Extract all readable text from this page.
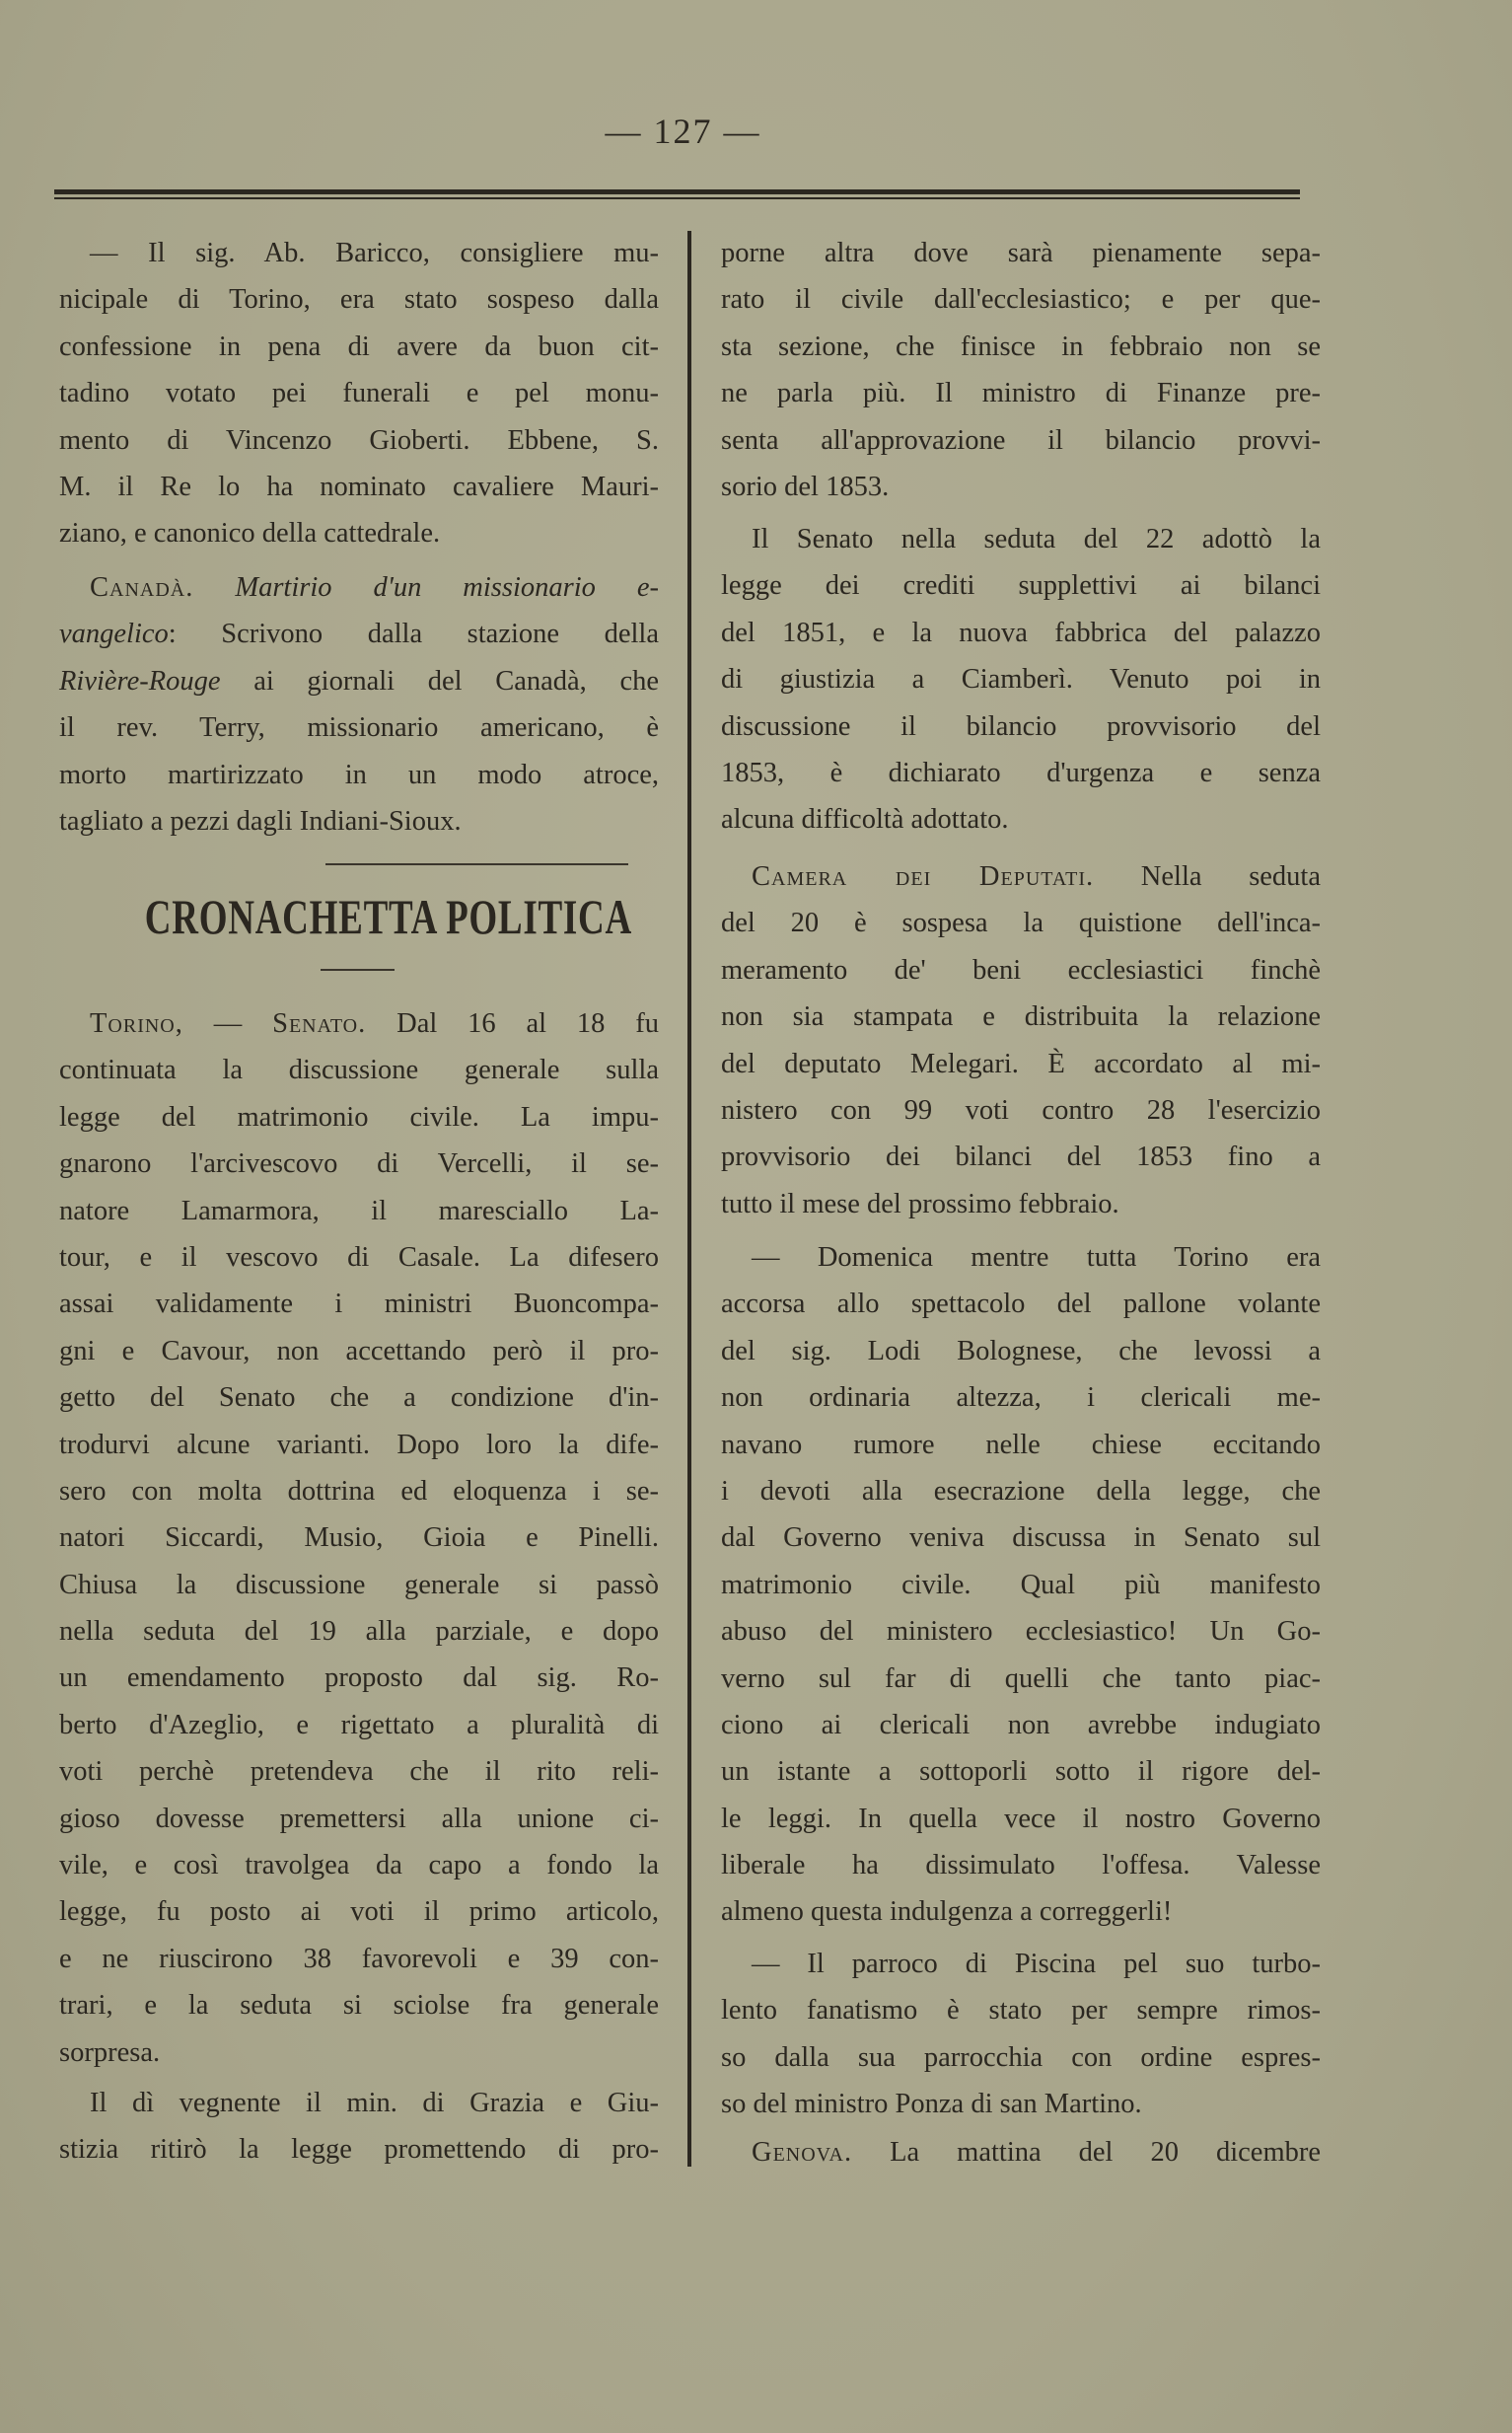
— 127 —
— Il sig. Ab. Baricco, consigliere mu-
nicipale di Torino, era stato sospeso dalla
confessione in pena di avere da buon cit-
tadino votato pei funerali e pel monu-
mento di Vincenzo Gioberti. Ebbene, S.
M. il Re lo ha nominato cavaliere Mauri-
ziano, e canonico della cattedrale.
Canadà. Martirio d'un missionario e-
vangelico: Scrivono dalla stazione della
Rivière-Rouge ai giornali del Canadà, che
il rev. Terry, missionario americano, è
morto martirizzato in un modo atroce,
tagliato a pezzi dagli Indiani-Sioux.
Torino, — Senato. Dal 16 al 18 fu
continuata la discussione generale sulla
legge del matrimonio civile. La impu-
gnarono l'arcivescovo di Vercelli, il se-
natore Lamarmora, il maresciallo La-
tour, e il vescovo di Casale. La difesero
assai validamente i ministri Buoncompa-
gni e Cavour, non accettando però il pro-
getto del Senato che a condizione d'in-
trodurvi alcune varianti. Dopo loro la dife-
sero con molta dottrina ed eloquenza i se-
natori Siccardi, Musio, Gioia e Pinelli.
Chiusa la discussione generale si passò
nella seduta del 19 alla parziale, e dopo
un emendamento proposto dal sig. Ro-
berto d'Azeglio, e rigettato a pluralità di
voti perchè pretendeva che il rito reli-
gioso dovesse premettersi alla unione ci-
vile, e così travolgea da capo a fondo la
legge, fu posto ai voti il primo articolo,
e ne riuscirono 38 favorevoli e 39 con-
trari, e la seduta si sciolse fra generale
sorpresa.
Il dì vegnente il min. di Grazia e Giu-
stizia ritirò la legge promettendo di pro-
CRONACHETTA POLITICA
porne altra dove sarà pienamente sepa-
rato il civile dall'ecclesiastico; e per que-
sta sezione, che finisce in febbraio non se
ne parla più. Il ministro di Finanze pre-
senta all'approvazione il bilancio provvi-
sorio del 1853.
Il Senato nella seduta del 22 adottò la
legge dei crediti supplettivi ai bilanci
del 1851, e la nuova fabbrica del palazzo
di giustizia a Ciamberì. Venuto poi in
discussione il bilancio provvisorio del
1853, è dichiarato d'urgenza e senza
alcuna difficoltà adottato.
Camera dei Deputati. Nella seduta
del 20 è sospesa la quistione dell'inca-
meramento de' beni ecclesiastici finchè
non sia stampata e distribuita la relazione
del deputato Melegari. È accordato al mi-
nistero con 99 voti contro 28 l'esercizio
provvisorio dei bilanci del 1853 fino a
tutto il mese del prossimo febbraio.
— Domenica mentre tutta Torino era
accorsa allo spettacolo del pallone volante
del sig. Lodi Bolognese, che levossi a
non ordinaria altezza, i clericali me-
navano rumore nelle chiese eccitando
i devoti alla esecrazione della legge, che
dal Governo veniva discussa in Senato sul
matrimonio civile. Qual più manifesto
abuso del ministero ecclesiastico! Un Go-
verno sul far di quelli che tanto piac-
ciono ai clericali non avrebbe indugiato
un istante a sottoporli sotto il rigore del-
le leggi. In quella vece il nostro Governo
liberale ha dissimulato l'offesa. Valesse
almeno questa indulgenza a correggerli!
— Il parroco di Piscina pel suo turbo-
lento fanatismo è stato per sempre rimos-
so dalla sua parrocchia con ordine espres-
so del ministro Ponza di san Martino.
Genova. La mattina del 20 dicembre
